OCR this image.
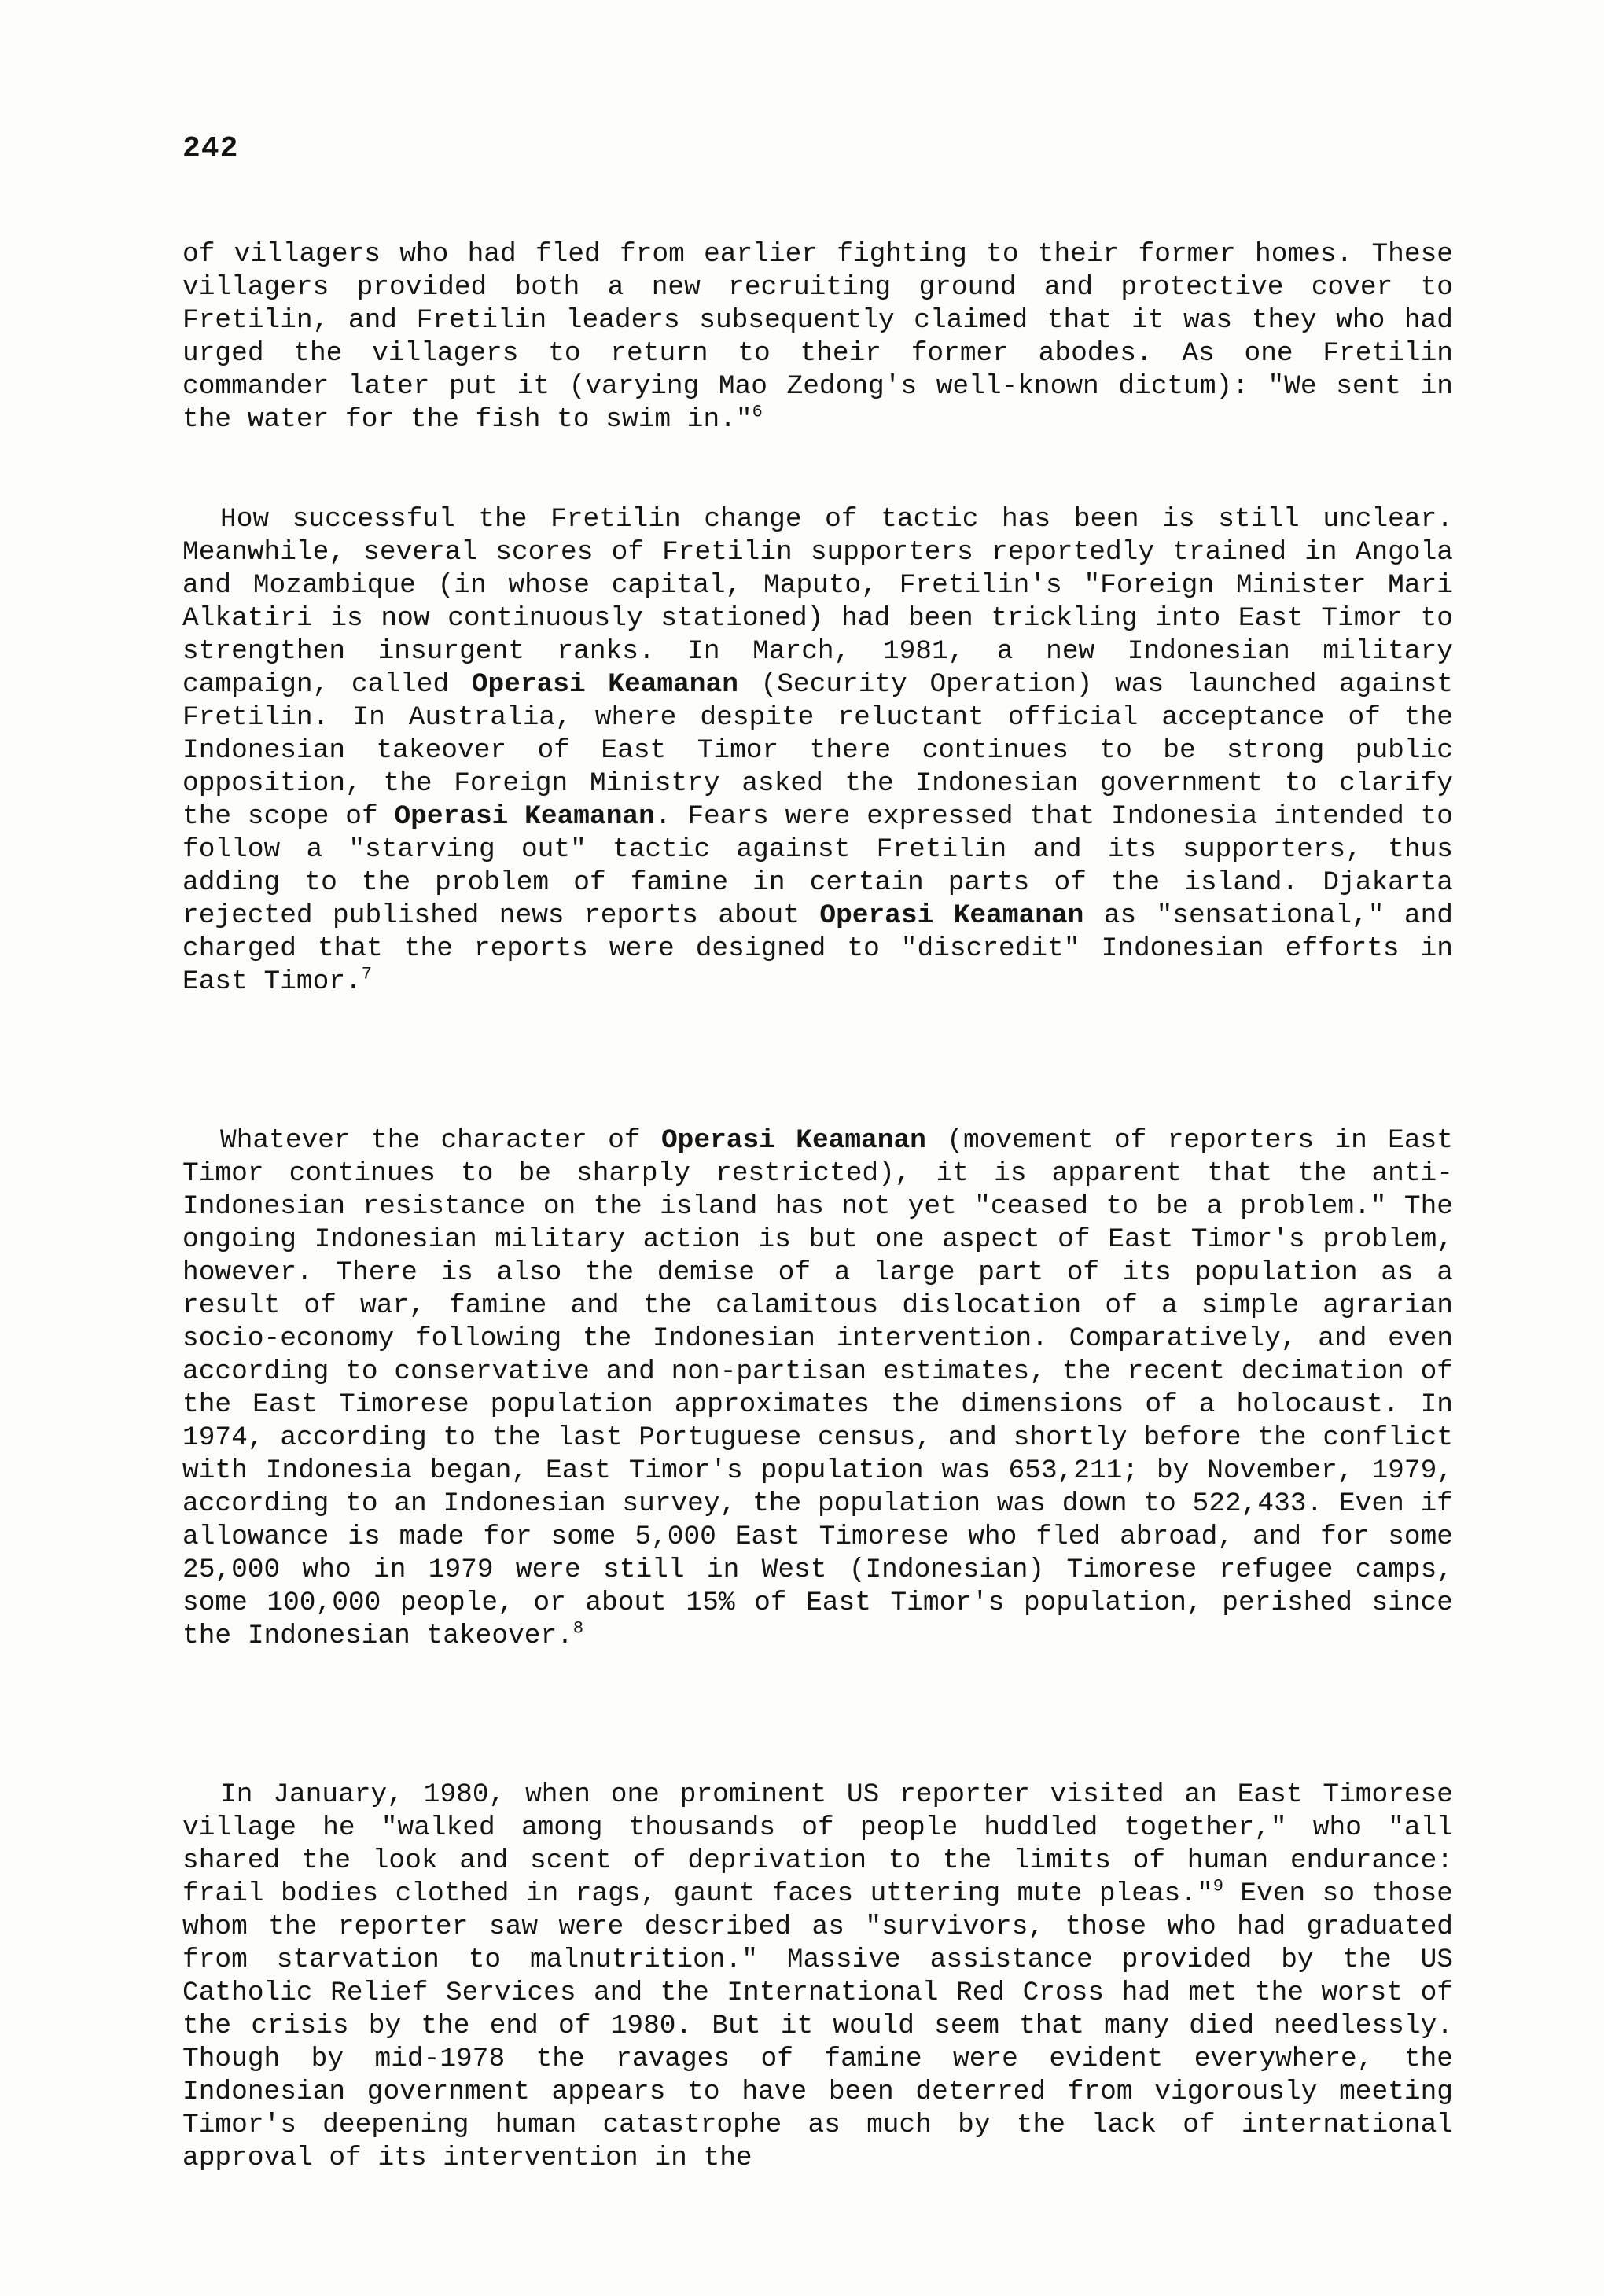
242

of villagers who had fled from earlier fighting to their former homes. These villagers provided both a new recruiting ground and protective cover to Fretilin, and Fretilin leaders subsequently claimed that it was they who had urged the villagers to return to their former abodes. As one Fretilin commander later put it (varying Mao Zedong's well-known dictum): "We sent in the water for the fish to swim in."$^6$

How successful the Fretilin change of tactic has been is still unclear. Meanwhile, several scores of Fretilin supporters reportedly trained in Angola and Mozambique (in whose capital, Maputo, Fretilin's "Foreign Minister Mari Alkatiri is now continuously stationed) had been trickling into East Timor to strengthen insurgent ranks. In March, 1981, a new Indonesian military campaign, called Operasi Keamanan (Security Operation) was launched against Fretilin. In Australia, where despite reluctant official acceptance of the Indonesian takeover of East Timor there continues to be strong public opposition, the Foreign Ministry asked the Indonesian government to clarify the scope of Operasi Keamanan. Fears were expressed that Indonesia intended to follow a "starving out" tactic against Fretilin and its supporters, thus adding to the problem of famine in certain parts of the island. Djakarta rejected published news reports about Operasi Keamanan as "sensational," and charged that the reports were designed to "discredit" Indonesian efforts in East Timor.$^7$

Whatever the character of Operasi Keamanan (movement of reporters in East Timor continues to be sharply restricted), it is apparent that the anti-Indonesian resistance on the island has not yet "ceased to be a problem." The ongoing Indonesian military action is but one aspect of East Timor's problem, however. There is also the demise of a large part of its population as a result of war, famine and the calamitous dislocation of a simple agrarian socio-economy following the Indonesian intervention. Comparatively, and even according to conservative and non-partisan estimates, the recent decimation of the East Timorese population approximates the dimensions of a holocaust. In 1974, according to the last Portuguese census, and shortly before the conflict with Indonesia began, East Timor's population was 653,211; by November, 1979, according to an Indonesian survey, the population was down to 522,433. Even if allowance is made for some 5,000 East Timorese who fled abroad, and for some 25,000 who in 1979 were still in West (Indonesian) Timorese refugee camps, some 100,000 people, or about 15% of East Timor's population, perished since the Indonesian takeover.$^8$

In January, 1980, when one prominent US reporter visited an East Timorese village he "walked among thousands of people huddled together," who "all shared the look and scent of deprivation to the limits of human endurance: frail bodies clothed in rags, gaunt faces uttering mute pleas."$^9$ Even so those whom the reporter saw were described as "survivors, those who had graduated from starvation to malnutrition." Massive assistance provided by the US Catholic Relief Services and the International Red Cross had met the worst of the crisis by the end of 1980. But it would seem that many died needlessly. Though by mid-1978 the ravages of famine were evident everywhere, the Indonesian government appears to have been deterred from vigorously meeting Timor's deepening human catastrophe as much by the lack of international approval of its intervention in the
